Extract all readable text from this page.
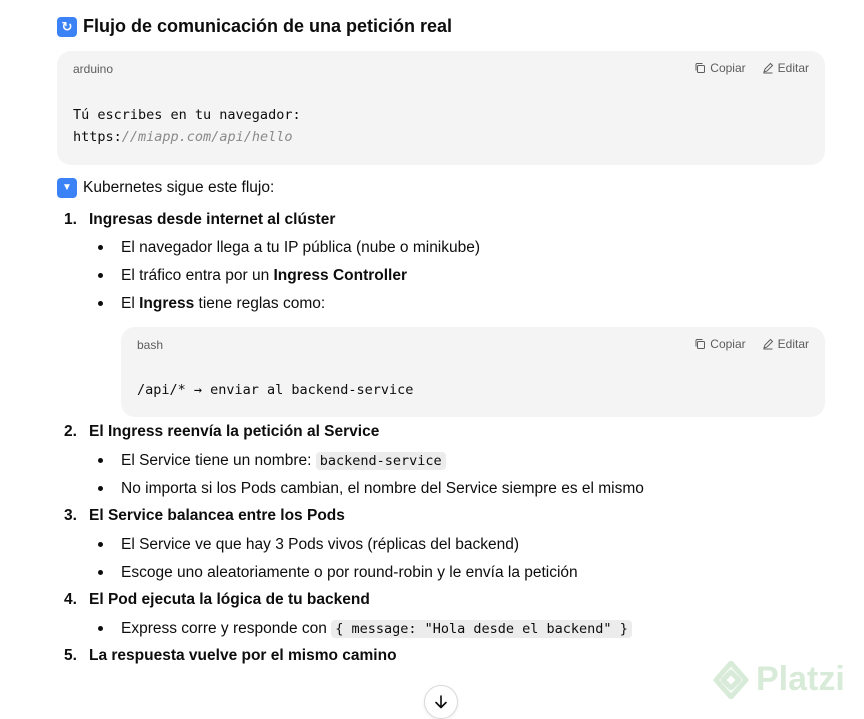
↻ Flujo de comunicación de una petición real
arduino	Copiar	Editar
Tú escribes en tu navegador:
https://miapp.com/api/hello
▼ Kubernetes sigue este flujo:
1. Ingresas desde internet al clúster
El navegador llega a tu IP pública (nube o minikube)
El tráfico entra por un Ingress Controller
El Ingress tiene reglas como:
bash	Copiar	Editar
/api/* → enviar al backend-service
2. El Ingress reenvía la petición al Service
El Service tiene un nombre: backend-service
No importa si los Pods cambian, el nombre del Service siempre es el mismo
3. El Service balancea entre los Pods
El Service ve que hay 3 Pods vivos (réplicas del backend)
Escoge uno aleatoriamente o por round-robin y le envía la petición
4. El Pod ejecuta la lógica de tu backend
Express corre y responde con { message: "Hola desde el backend" }
5. La respuesta vuelve por el mismo camino
Platzi
